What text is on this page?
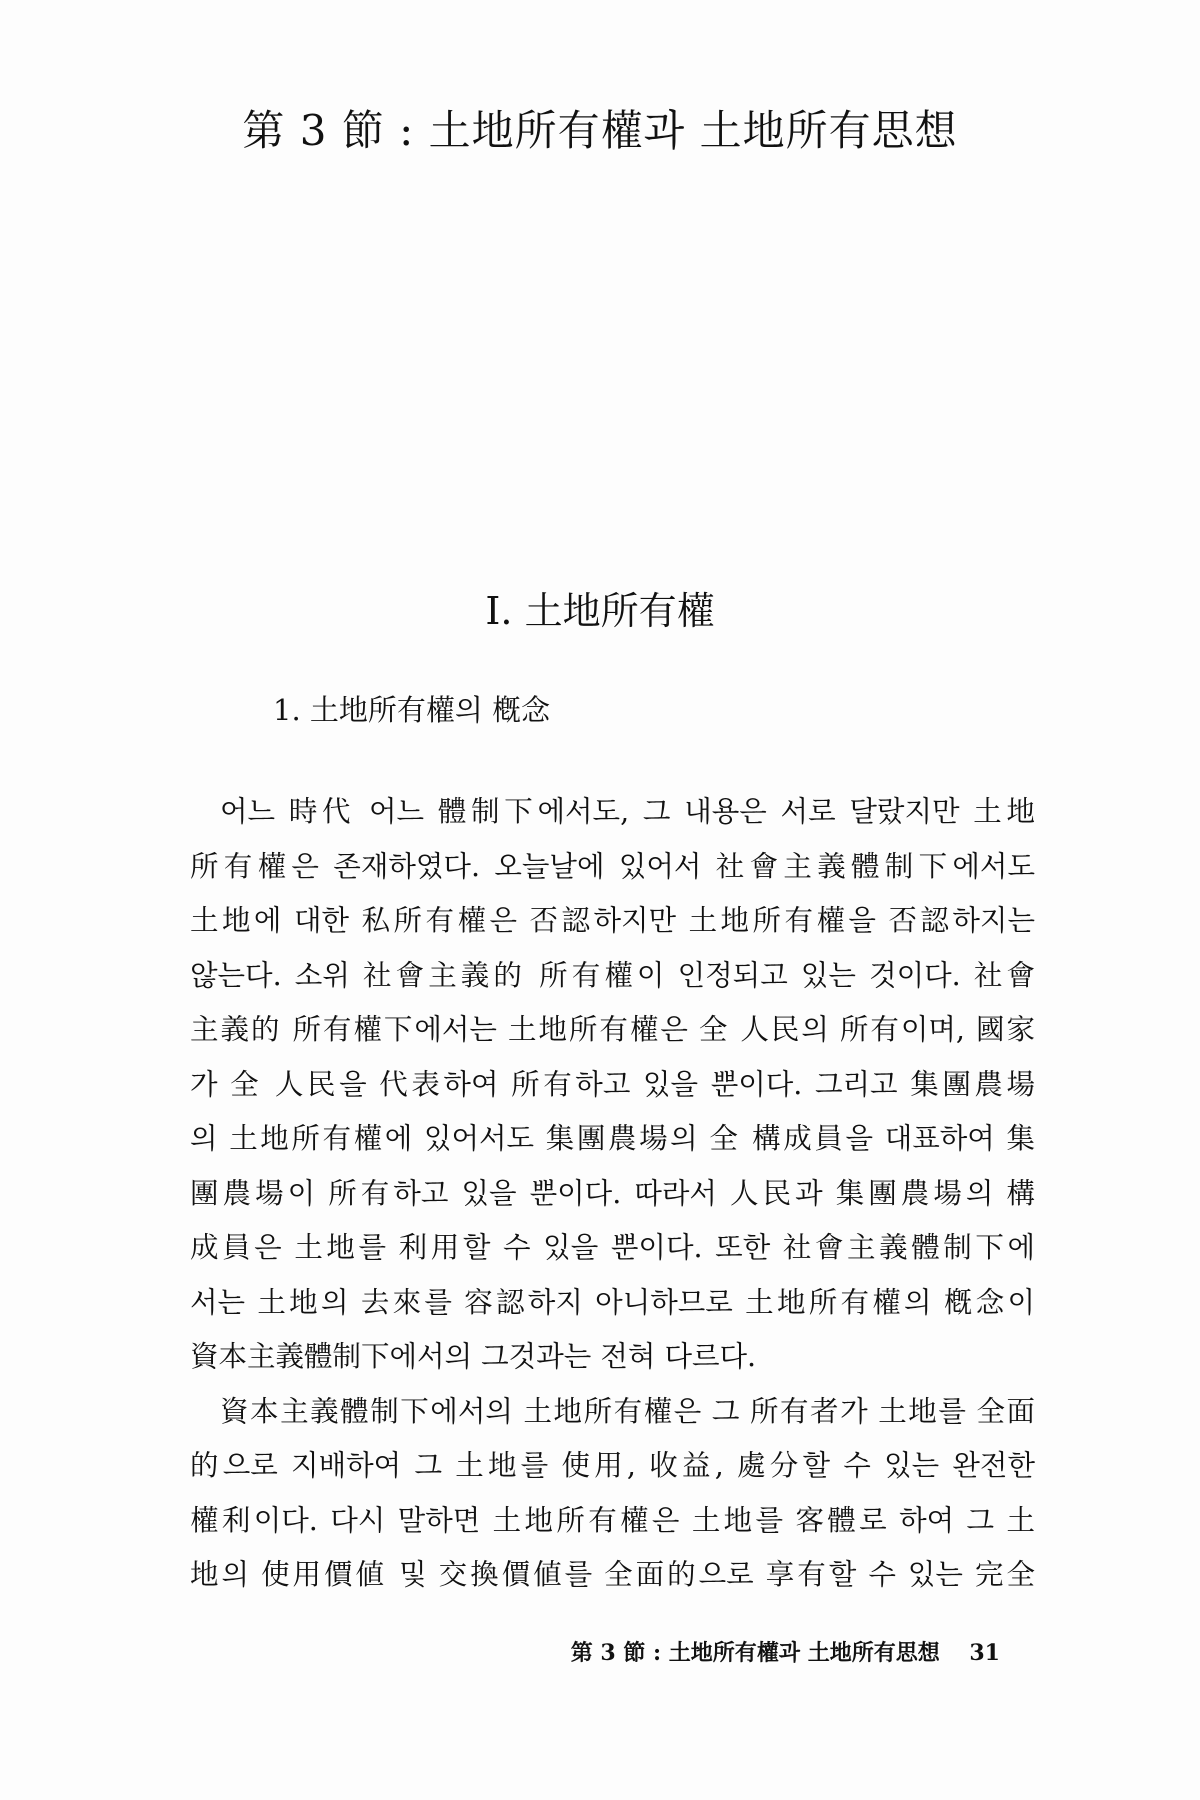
第 3 節 : 土地所有權과 土地所有思想
Ⅰ. 土地所有權
1. 土地所有權의 槪念
어느 時代 어느 體制下에서도, 그 내용은 서로 달랐지만 土地
所有權은 존재하였다. 오늘날에 있어서 社會主義體制下에서도
土地에 대한 私所有權은 否認하지만 土地所有權을 否認하지는
않는다. 소위 社會主義的 所有權이 인정되고 있는 것이다. 社會
主義的 所有權下에서는 土地所有權은 全 人民의 所有이며, 國家
가 全 人民을 代表하여 所有하고 있을 뿐이다. 그리고 集團農場
의 土地所有權에 있어서도 集團農場의 全 構成員을 대표하여 集
團農場이 所有하고 있을 뿐이다. 따라서 人民과 集團農場의 構
成員은 土地를 利用할 수 있을 뿐이다. 또한 社會主義體制下에
서는 土地의 去來를 容認하지 아니하므로 土地所有權의 槪念이
資本主義體制下에서의 그것과는 전혀 다르다.
資本主義體制下에서의 土地所有權은 그 所有者가 土地를 全面
的으로 지배하여 그 土地를 使用, 收益, 處分할 수 있는 완전한
權利이다. 다시 말하면 土地所有權은 土地를 客體로 하여 그 土
地의 使用價値 및 交換價値를 全面的으로 享有할 수 있는 完全
第 3 節 : 土地所有權과 土地所有思想 31
